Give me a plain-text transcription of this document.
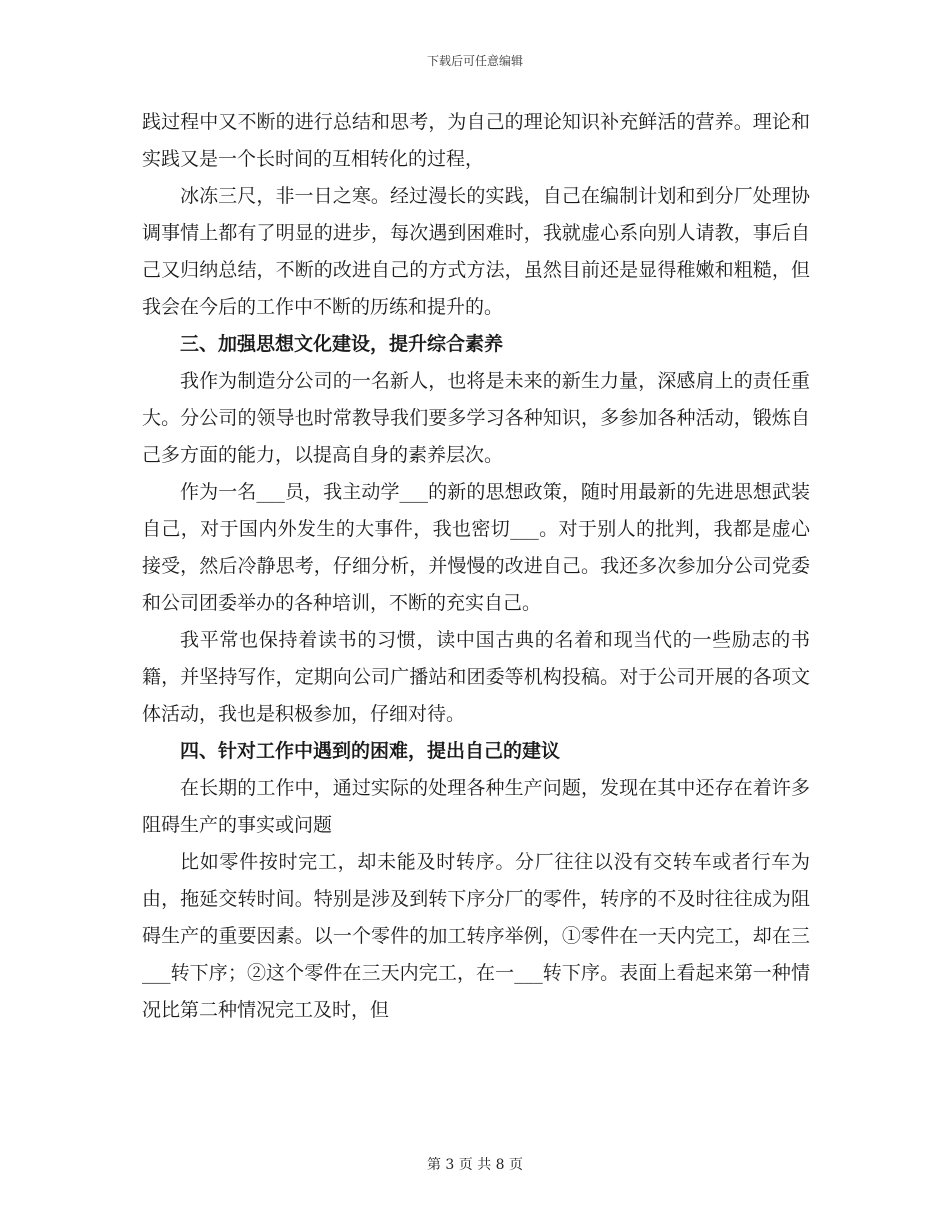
下载后可任意编辑

践过程中又不断的进行总结和思考，为自己的理论知识补充鲜活的营养。理论和实践又是一个长时间的互相转化的过程，

冰冻三尺，非一日之寒。经过漫长的实践，自己在编制计划和到分厂处理协调事情上都有了明显的进步，每次遇到困难时，我就虚心系向别人请教，事后自己又归纳总结，不断的改进自己的方式方法，虽然目前还是显得稚嫩和粗糙，但我会在今后的工作中不断的历练和提升的。

三、加强思想文化建设，提升综合素养

我作为制造分公司的一名新人，也将是未来的新生力量，深感肩上的责任重大。分公司的领导也时常教导我们要多学习各种知识，多参加各种活动，锻炼自己多方面的能力，以提高自身的素养层次。

作为一名___员，我主动学___的新的思想政策，随时用最新的先进思想武装自己，对于国内外发生的大事件，我也密切___。对于别人的批判，我都是虚心接受，然后冷静思考，仔细分析，并慢慢的改进自己。我还多次参加分公司党委和公司团委举办的各种培训，不断的充实自己。

我平常也保持着读书的习惯，读中国古典的名着和现当代的一些励志的书籍，并坚持写作，定期向公司广播站和团委等机构投稿。对于公司开展的各项文体活动，我也是积极参加，仔细对待。

四、针对工作中遇到的困难，提出自己的建议

在长期的工作中，通过实际的处理各种生产问题，发现在其中还存在着许多阻碍生产的事实或问题

比如零件按时完工，却未能及时转序。分厂往往以没有交转车或者行车为由，拖延交转时间。特别是涉及到转下序分厂的零件，转序的不及时往往成为阻碍生产的重要因素。以一个零件的加工转序举例，①零件在一天内完工，却在三___转下序；②这个零件在三天内完工，在一___转下序。表面上看起来第一种情况比第二种情况完工及时，但

第 3 页 共 8 页
